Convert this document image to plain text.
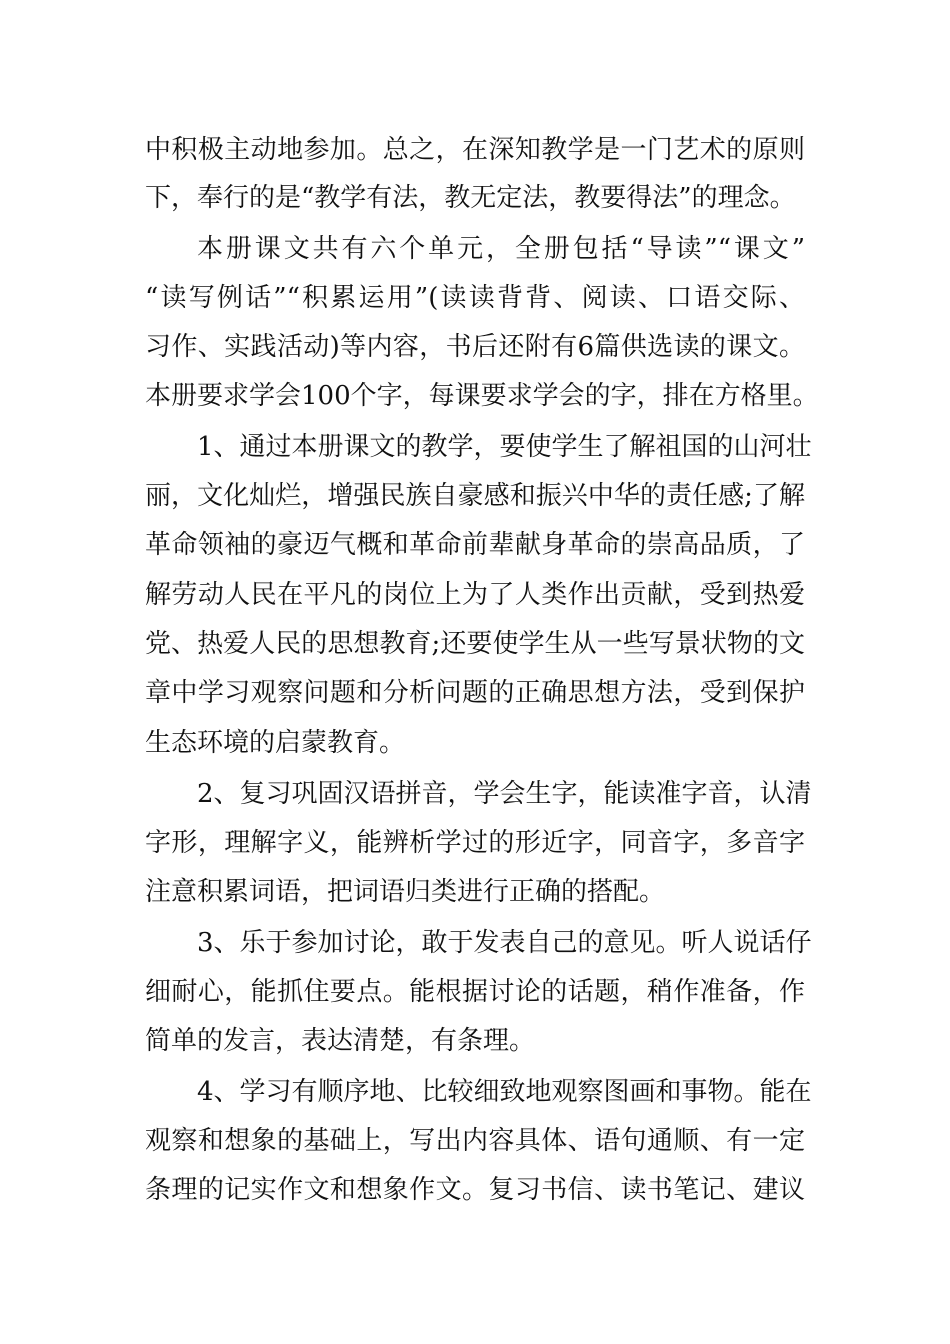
中积极主动地参加。总之，在深知教学是一门艺术的原则
下，奉行的是“教学有法，教无定法，教要得法”的理念。
本册课文共有六个单元，全册包括“导读”“课文”
“读写例话”“积累运用”(读读背背、阅读、口语交际、
习作、实践活动)等内容，书后还附有6篇供选读的课文。
本册要求学会100个字，每课要求学会的字，排在方格里。
1、通过本册课文的教学，要使学生了解祖国的山河壮
丽，文化灿烂，增强民族自豪感和振兴中华的责任感;了解
革命领袖的豪迈气概和革命前辈献身革命的崇高品质，了
解劳动人民在平凡的岗位上为了人类作出贡献，受到热爱
党、热爱人民的思想教育;还要使学生从一些写景状物的文
章中学习观察问题和分析问题的正确思想方法，受到保护
生态环境的启蒙教育。
2、复习巩固汉语拼音，学会生字，能读准字音，认清
字形，理解字义，能辨析学过的形近字，同音字，多音字
注意积累词语，把词语归类进行正确的搭配。
3、乐于参加讨论，敢于发表自己的意见。听人说话仔
细耐心，能抓住要点。能根据讨论的话题，稍作准备，作
简单的发言，表达清楚，有条理。
4、学习有顺序地、比较细致地观察图画和事物。能在
观察和想象的基础上，写出内容具体、语句通顺、有一定
条理的记实作文和想象作文。复习书信、读书笔记、建议
